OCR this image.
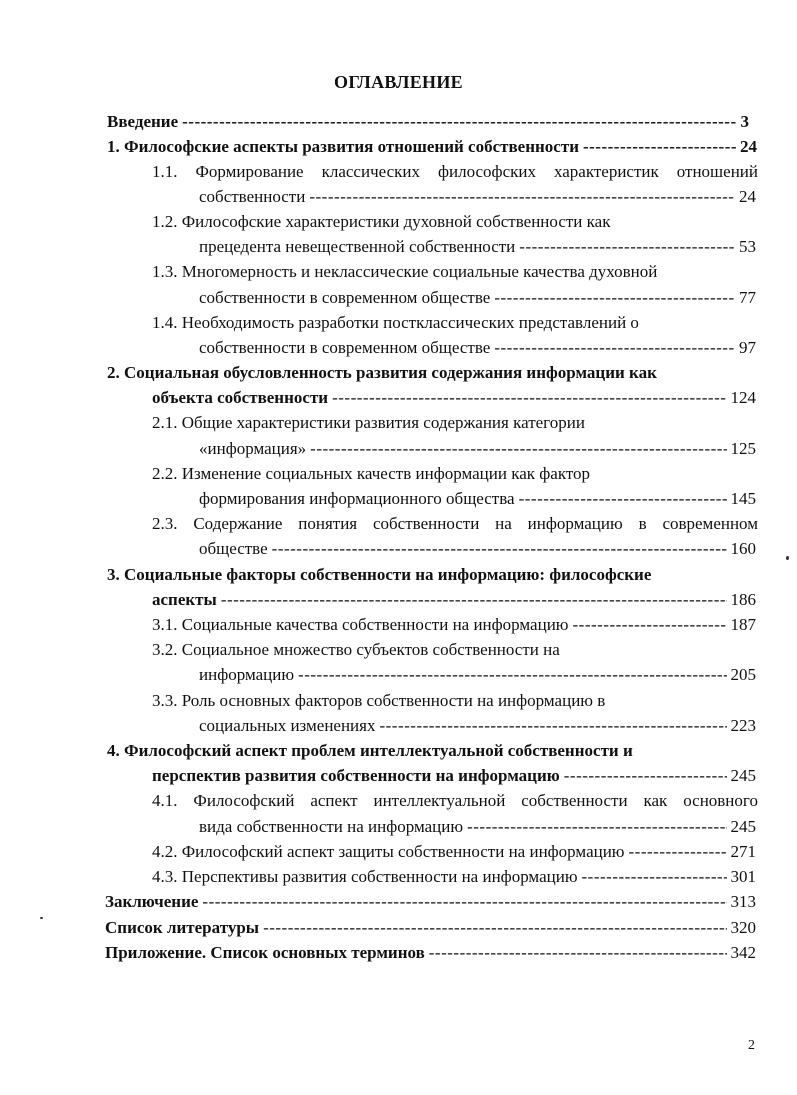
ОГЛАВЛЕНИЕ
Введение -----	3
1. Философские аспекты развития отношений собственности -----	24
1.1. Формирование классических философских характеристик отношений
собственности -----	24
1.2. Философские характеристики духовной собственности как
прецедента невещественной собственности -----	53
1.3. Многомерность и неклассические социальные качества духовной
собственности в современном обществе -----	77
1.4. Необходимость разработки постклассических представлений о
собственности в современном обществе -----	97
2. Социальная обусловленность развития содержания информации как
объекта собственности -----	124
2.1. Общие характеристики развития содержания категории
«информация» -----	125
2.2. Изменение социальных качеств информации как фактор
формирования информационного общества -----	145
2.3. Содержание понятия собственности на информацию в современном
обществе -----	160
3. Социальные факторы собственности на информацию: философские
аспекты -----	186
3.1. Социальные качества собственности на информацию -----	187
3.2. Социальное множество субъектов собственности на
информацию -----	205
3.3. Роль основных факторов собственности на информацию в
социальных изменениях -----	223
4. Философский аспект проблем интеллектуальной собственности и
перспектив развития собственности на информацию -----	245
4.1. Философский аспект интеллектуальной собственности как основного
вида собственности на информацию -----	245
4.2. Философский аспект защиты собственности на информацию -----	271
4.3. Перспективы развития собственности на информацию -----	301
Заключение -----	313
Список литературы -----	320
Приложение. Список основных терминов -----	342
2
